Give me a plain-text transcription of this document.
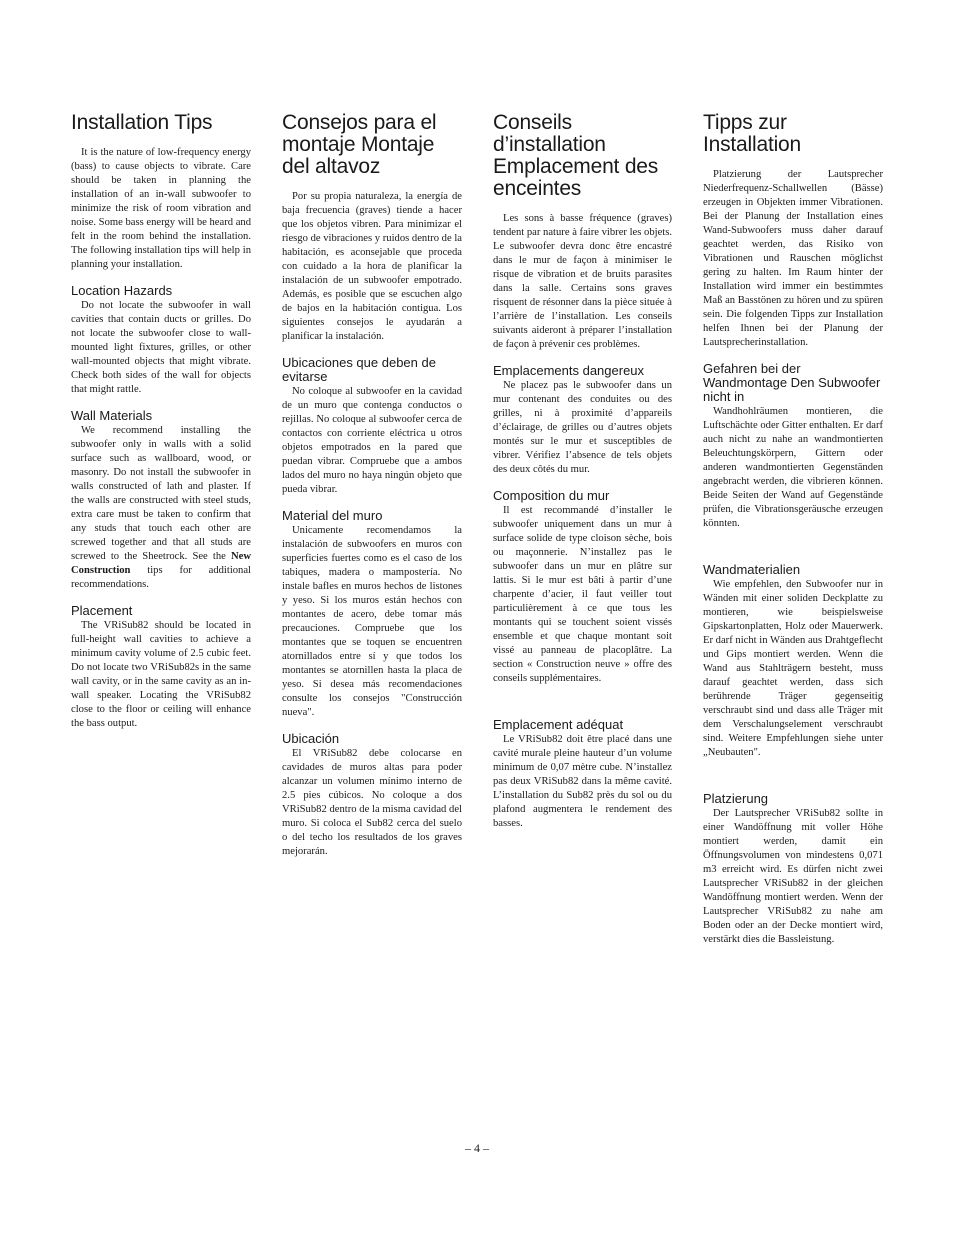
Installation Tips

It is the nature of low-frequency energy (bass) to cause objects to vibrate. Care should be taken in planning the installation of an in-wall subwoofer to minimize the risk of room vibration and noise. Some bass energy will be heard and felt in the room behind the installation. The following installation tips will help in planning your installation.

Location Hazards

Do not locate the subwoofer in wall cavities that contain ducts or grilles. Do not locate the subwoofer close to wall-mounted light fixtures, grilles, or other wall-mounted objects that might vibrate. Check both sides of the wall for objects that might rattle.

Wall Materials

We recommend installing the subwoofer only in walls with a solid surface such as wallboard, wood, or masonry. Do not install the subwoofer in walls constructed of lath and plaster. If the walls are constructed with steel studs, extra care must be taken to confirm that any studs that touch each other are screwed together and that all studs are screwed to the Sheetrock. See the New Construction tips for additional recommendations.

Placement

The VRiSub82 should be located in full-height wall cavities to achieve a minimum cavity volume of 2.5 cubic feet. Do not locate two VRiSub82s in the same wall cavity, or in the same cavity as an in-wall speaker. Locating the VRiSub82 close to the floor or ceiling will enhance the bass output.

Consejos para el montaje Montaje del altavoz

Por su propia naturaleza, la energía de baja frecuencia (graves) tiende a hacer que los objetos vibren. Para minimizar el riesgo de vibraciones y ruidos dentro de la habitación, es aconsejable que proceda con cuidado a la hora de planificar la instalación de un subwoofer empotrado. Además, es posible que se escuchen algo de bajos en la habitación contigua. Los siguientes consejos le ayudarán a planificar la instalación.

Ubicaciones que deben de evitarse

No coloque al subwoofer en la cavidad de un muro que contenga conductos o rejillas. No coloque al subwoofer cerca de contactos con corriente eléctrica u otros objetos empotrados en la pared que puedan vibrar. Compruebe que a ambos lados del muro no haya ningún objeto que pueda vibrar.

Material del muro

Unicamente recomendamos la instalación de subwoofers en muros con superficies fuertes como es el caso de los tabiques, madera o mampostería. No instale bafles en muros hechos de listones y yeso. Si los muros están hechos con montantes de acero, debe tomar más precauciones. Compruebe que los montantes que se toquen se encuentren atornillados entre sí y que todos los montantes se atornillen hasta la placa de yeso. Si desea más recomendaciones consulte los consejos "Construcción nueva".

Ubicación

El VRiSub82 debe colocarse en cavidades de muros altas para poder alcanzar un volumen mínimo interno de 2.5 pies cúbicos. No coloque a dos VRiSub82 dentro de la misma cavidad del muro. Si coloca el Sub82 cerca del suelo o del techo los resultados de los graves mejorarán.

Conseils d’installation Emplacement des enceintes

Les sons à basse fréquence (graves) tendent par nature à faire vibrer les objets. Le subwoofer devra donc être encastré dans le mur de façon à minimiser le risque de vibration et de bruits parasites dans la salle. Certains sons graves risquent de résonner dans la pièce située à l’arrière de l’installation. Les conseils suivants aideront à préparer l’installation de façon à prévenir ces problèmes.

Emplacements dangereux

Ne placez pas le subwoofer dans un mur contenant des conduites ou des grilles, ni à proximité d’appareils d’éclairage, de grilles ou d’autres objets montés sur le mur et susceptibles de vibrer. Vérifiez l’absence de tels objets des deux côtés du mur.

Composition du mur

Il est recommandé d’installer le subwoofer uniquement dans un mur à surface solide de type cloison sèche, bois ou maçonnerie. N’installez pas le subwoofer dans un mur en plâtre sur lattis. Si le mur est bâti à partir d’une charpente d’acier, il faut veiller tout particulièrement à ce que tous les montants qui se touchent soient vissés ensemble et que chaque montant soit vissé au panneau de placoplâtre. La section « Construction neuve » offre des conseils supplémentaires.

Emplacement adéquat

Le VRiSub82 doit être placé dans une cavité murale pleine hauteur d’un volume minimum de 0,07 mètre cube. N’installez pas deux VRiSub82 dans la même cavité. L’installation du Sub82 près du sol ou du plafond augmentera le rendement des basses.

Tipps zur Installation

Platzierung der Lautsprecher Niederfrequenz-Schallwellen (Bässe) erzeugen in Objekten immer Vibrationen. Bei der Planung der Installation eines Wand-Subwoofers muss daher darauf geachtet werden, das Risiko von Vibrationen und Rauschen möglichst gering zu halten. Im Raum hinter der Installation wird immer ein bestimmtes Maß an Basstönen zu hören und zu spüren sein. Die folgenden Tipps zur Installation helfen Ihnen bei der Planung der Lautsprecherinstallation.

Gefahren bei der Wandmontage Den Subwoofer nicht in

Wandhohlräumen montieren, die Luftschächte oder Gitter enthalten. Er darf auch nicht zu nahe an wandmontierten Beleuchtungskörpern, Gittern oder anderen wandmontierten Gegenständen angebracht werden, die vibrieren können. Beide Seiten der Wand auf Gegenstände prüfen, die Vibrationsgeräusche erzeugen könnten.

Wandmaterialien

Wie empfehlen, den Subwoofer nur in Wänden mit einer soliden Deckplatte zu montieren, wie beispielsweise Gipskartonplatten, Holz oder Mauerwerk. Er darf nicht in Wänden aus Drahtgeflecht und Gips montiert werden. Wenn die Wand aus Stahlträgern besteht, muss darauf geachtet werden, dass sich berührende Träger gegenseitig verschraubt sind und dass alle Träger mit dem Verschalungselement verschraubt sind. Weitere Empfehlungen siehe unter „Neubauten".

Platzierung

Der Lautsprecher VRiSub82 sollte in einer Wandöffnung mit voller Höhe montiert werden, damit ein Öffnungsvolumen von mindestens 0,071 m3 erreicht wird. Es dürfen nicht zwei Lautsprecher VRiSub82 in der gleichen Wandöffnung montiert werden. Wenn der Lautsprecher VRiSub82 zu nahe am Boden oder an der Decke montiert wird, verstärkt dies die Bassleistung.

– 4 –
